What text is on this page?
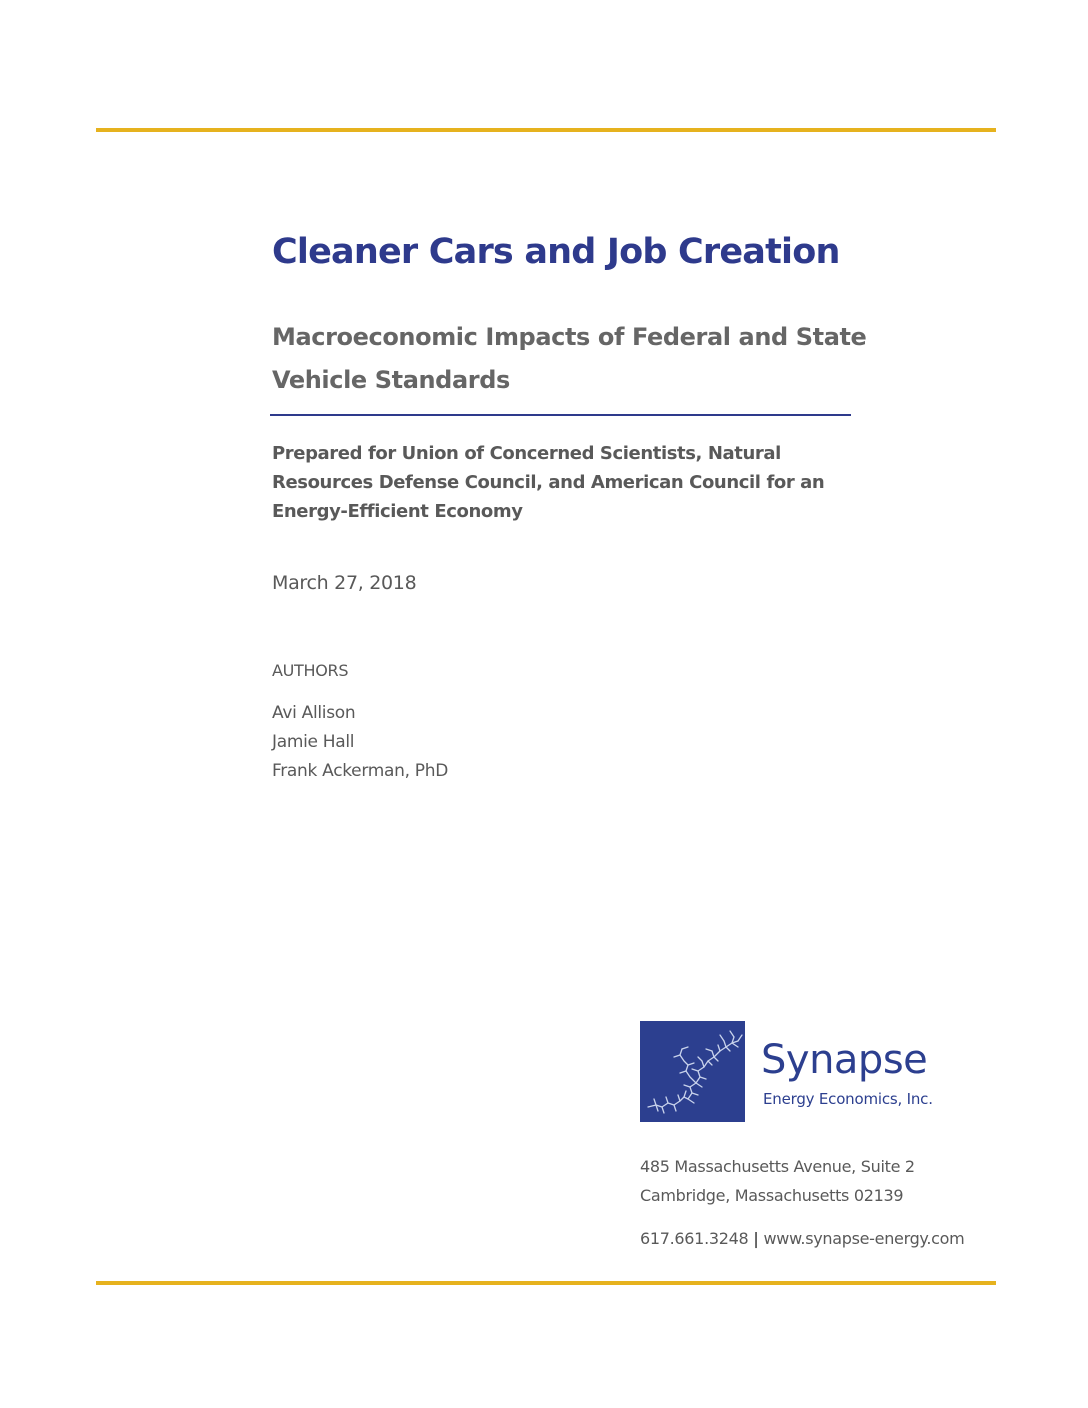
Cleaner Cars and Job Creation
Macroeconomic Impacts of Federal and State
Vehicle Standards

Prepared for Union of Concerned Scientists, Natural
Resources Defense Council, and American Council for an
Energy-Efficient Economy

March 27, 2018

AUTHORS

Avi Allison
Jamie Hall
Frank Ackerman, PhD

Synapse

Energy Economics, Inc.

485 Massachusetts Avenue, Suite 2
Cambridge, Massachusetts 02139

617.661.3248 | www.synapse-energy.com
